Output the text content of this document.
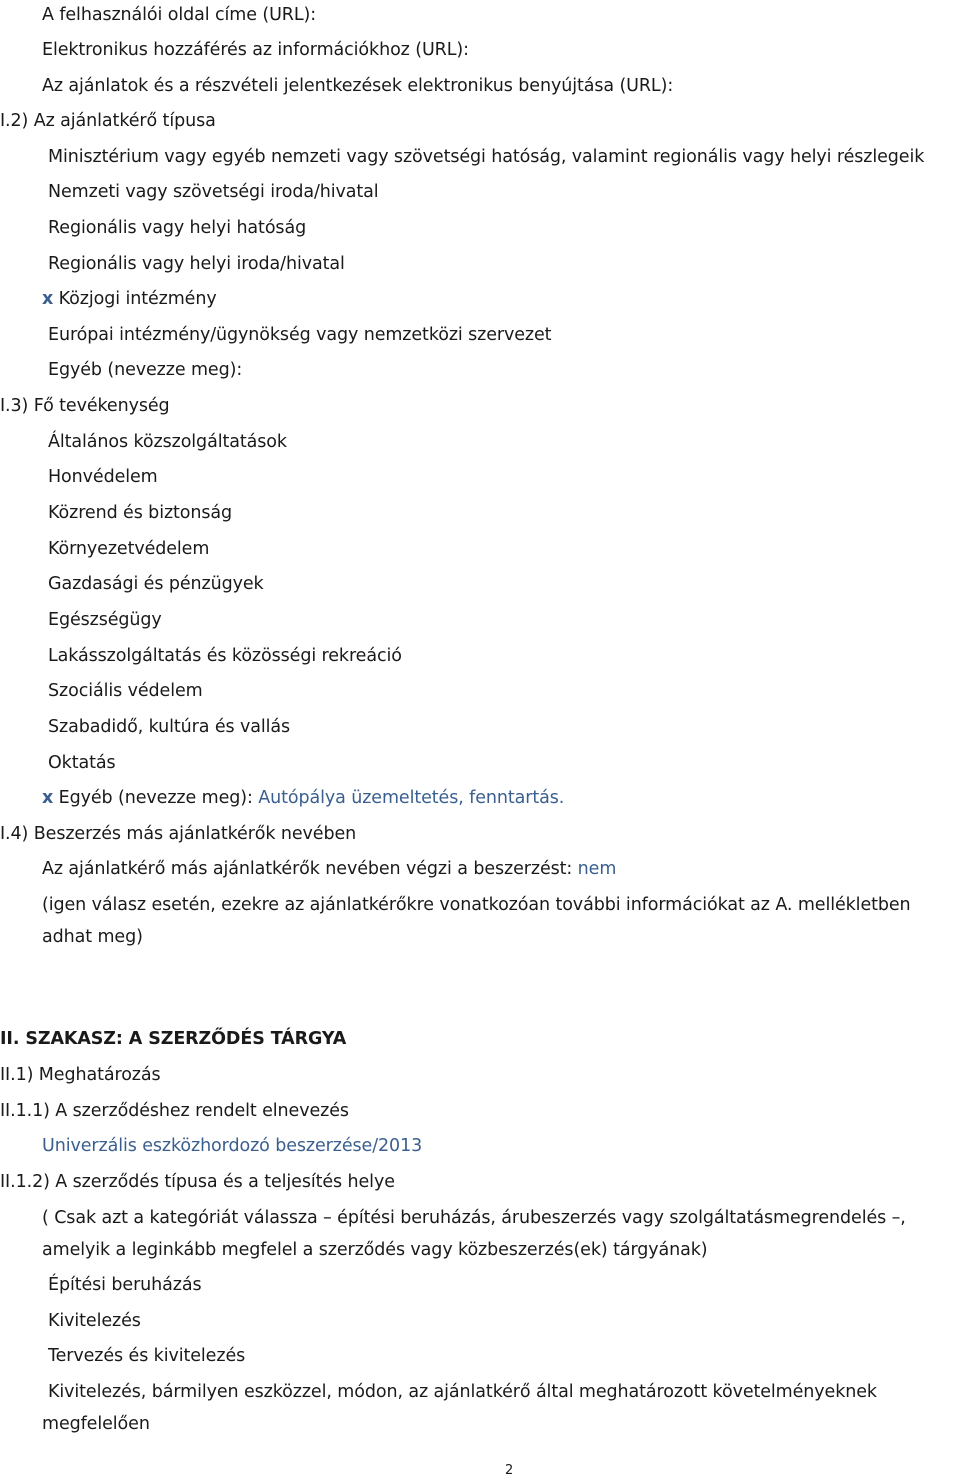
A felhasználói oldal címe (URL):
Elektronikus hozzáférés az információkhoz (URL):
Az ajánlatok és a részvételi jelentkezések elektronikus benyújtása (URL):
I.2) Az ajánlatkérő típusa
Minisztérium vagy egyéb nemzeti vagy szövetségi hatóság, valamint regionális vagy helyi részlegeik
Nemzeti vagy szövetségi iroda/hivatal
Regionális vagy helyi hatóság
Regionális vagy helyi iroda/hivatal
x Közjogi intézmény
Európai intézmény/ügynökség vagy nemzetközi szervezet
Egyéb (nevezze meg):
I.3) Fő tevékenység
Általános közszolgáltatások
Honvédelem
Közrend és biztonság
Környezetvédelem
Gazdasági és pénzügyek
Egészségügy
Lakásszolgáltatás és közösségi rekreáció
Szociális védelem
Szabadidő, kultúra és vallás
Oktatás
x Egyéb (nevezze meg): Autópálya üzemeltetés, fenntartás.
I.4) Beszerzés más ajánlatkérők nevében
Az ajánlatkérő más ajánlatkérők nevében végzi a beszerzést: nem
(igen válasz esetén, ezekre az ajánlatkérőkre vonatkozóan további információkat az A. mellékletben adhat meg)
II. SZAKASZ: A SZERZŐDÉS TÁRGYA
II.1) Meghatározás
II.1.1) A szerződéshez rendelt elnevezés
Univerzális eszközhordozó beszerzése/2013
II.1.2) A szerződés típusa és a teljesítés helye
( Csak azt a kategóriát válassza – építési beruházás, árubeszerzés vagy szolgáltatásmegrendelés –, amelyik a leginkább megfelel a szerződés vagy közbeszerzés(ek) tárgyának)
Építési beruházás
Kivitelezés
Tervezés és kivitelezés
Kivitelezés, bármilyen eszközzel, módon, az ajánlatkérő által meghatározott követelményeknek megfelelően
2
